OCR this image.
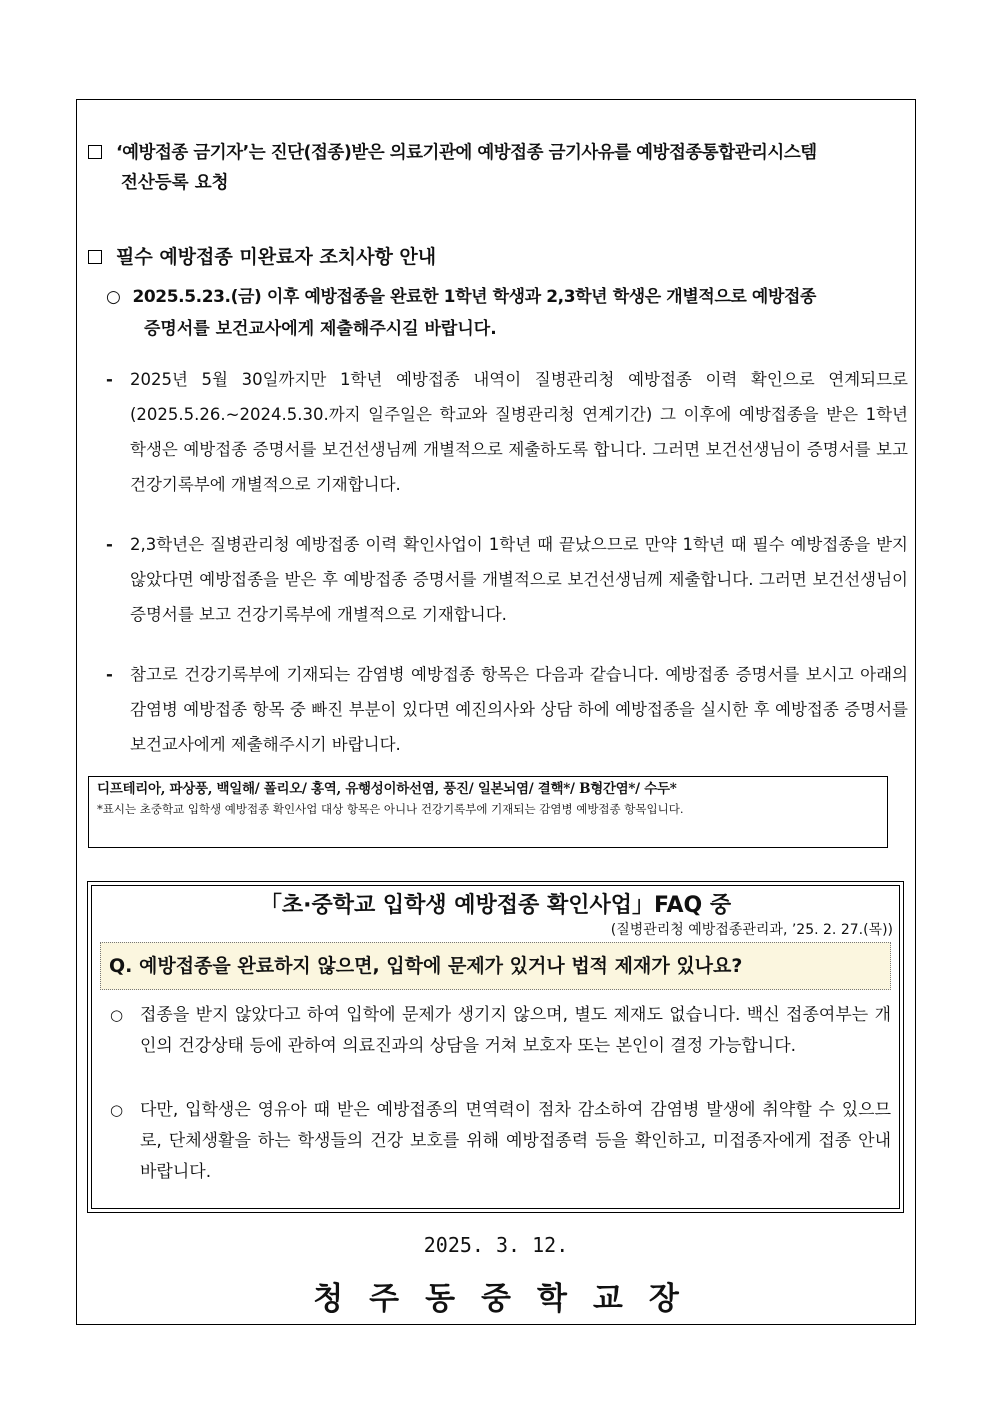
‘예방접종 금기자’는 진단(접종)받은 의료기관에 예방접종 금기사유를 예방접종통합관리시스템
전산등록 요청
필수 예방접종 미완료자 조치사항 안내
○ 2025.5.23.(금) 이후 예방접종을 완료한 1학년 학생과 2,3학년 학생은 개별적으로 예방접종
증명서를 보건교사에게 제출해주시길 바랍니다.
- 2025년 5월 30일까지만 1학년 예방접종 내역이 질병관리청 예방접종 이력 확인으로 연계되므로(2025.5.26.~2024.5.30.까지 일주일은 학교와 질병관리청 연계기간) 그 이후에 예방접종을 받은 1학년 학생은 예방접종 증명서를 보건선생님께 개별적으로 제출하도록 합니다. 그러면 보건선생님이 증명서를 보고 건강기록부에 개별적으로 기재합니다.
- 2,3학년은 질병관리청 예방접종 이력 확인사업이 1학년 때 끝났으므로 만약 1학년 때 필수 예방접종을 받지 않았다면 예방접종을 받은 후 예방접종 증명서를 개별적으로 보건선생님께 제출합니다. 그러면 보건선생님이 증명서를 보고 건강기록부에 개별적으로 기재합니다.
- 참고로 건강기록부에 기재되는 감염병 예방접종 항목은 다음과 같습니다. 예방접종 증명서를 보시고 아래의 감염병 예방접종 항목 중 빠진 부분이 있다면 예진의사와 상담 하에 예방접종을 실시한 후 예방접종 증명서를 보건교사에게 제출해주시기 바랍니다.
디프테리아, 파상풍, 백일해/ 폴리오/ 홍역, 유행성이하선염, 풍진/ 일본뇌염/ 결핵*/ B형간염*/ 수두*
*표시는 초중학교 입학생 예방접종 확인사업 대상 항목은 아니나 건강기록부에 기재되는 감염병 예방접종 항목입니다.
「초·중학교 입학생 예방접종 확인사업」FAQ 중
(질병관리청 예방접종관리과, ’25. 2. 27.(목))
Q. 예방접종을 완료하지 않으면, 입학에 문제가 있거나 법적 제재가 있나요?
○ 접종을 받지 않았다고 하여 입학에 문제가 생기지 않으며, 별도 제재도 없습니다. 백신 접종여부는 개인의 건강상태 등에 관하여 의료진과의 상담을 거쳐 보호자 또는 본인이 결정 가능합니다.
○ 다만, 입학생은 영유아 때 받은 예방접종의 면역력이 점차 감소하여 감염병 발생에 취약할 수 있으므로, 단체생활을 하는 학생들의 건강 보호를 위해 예방접종력 등을 확인하고, 미접종자에게 접종 안내 바랍니다.
2025. 3. 12.
청주동중학교장
